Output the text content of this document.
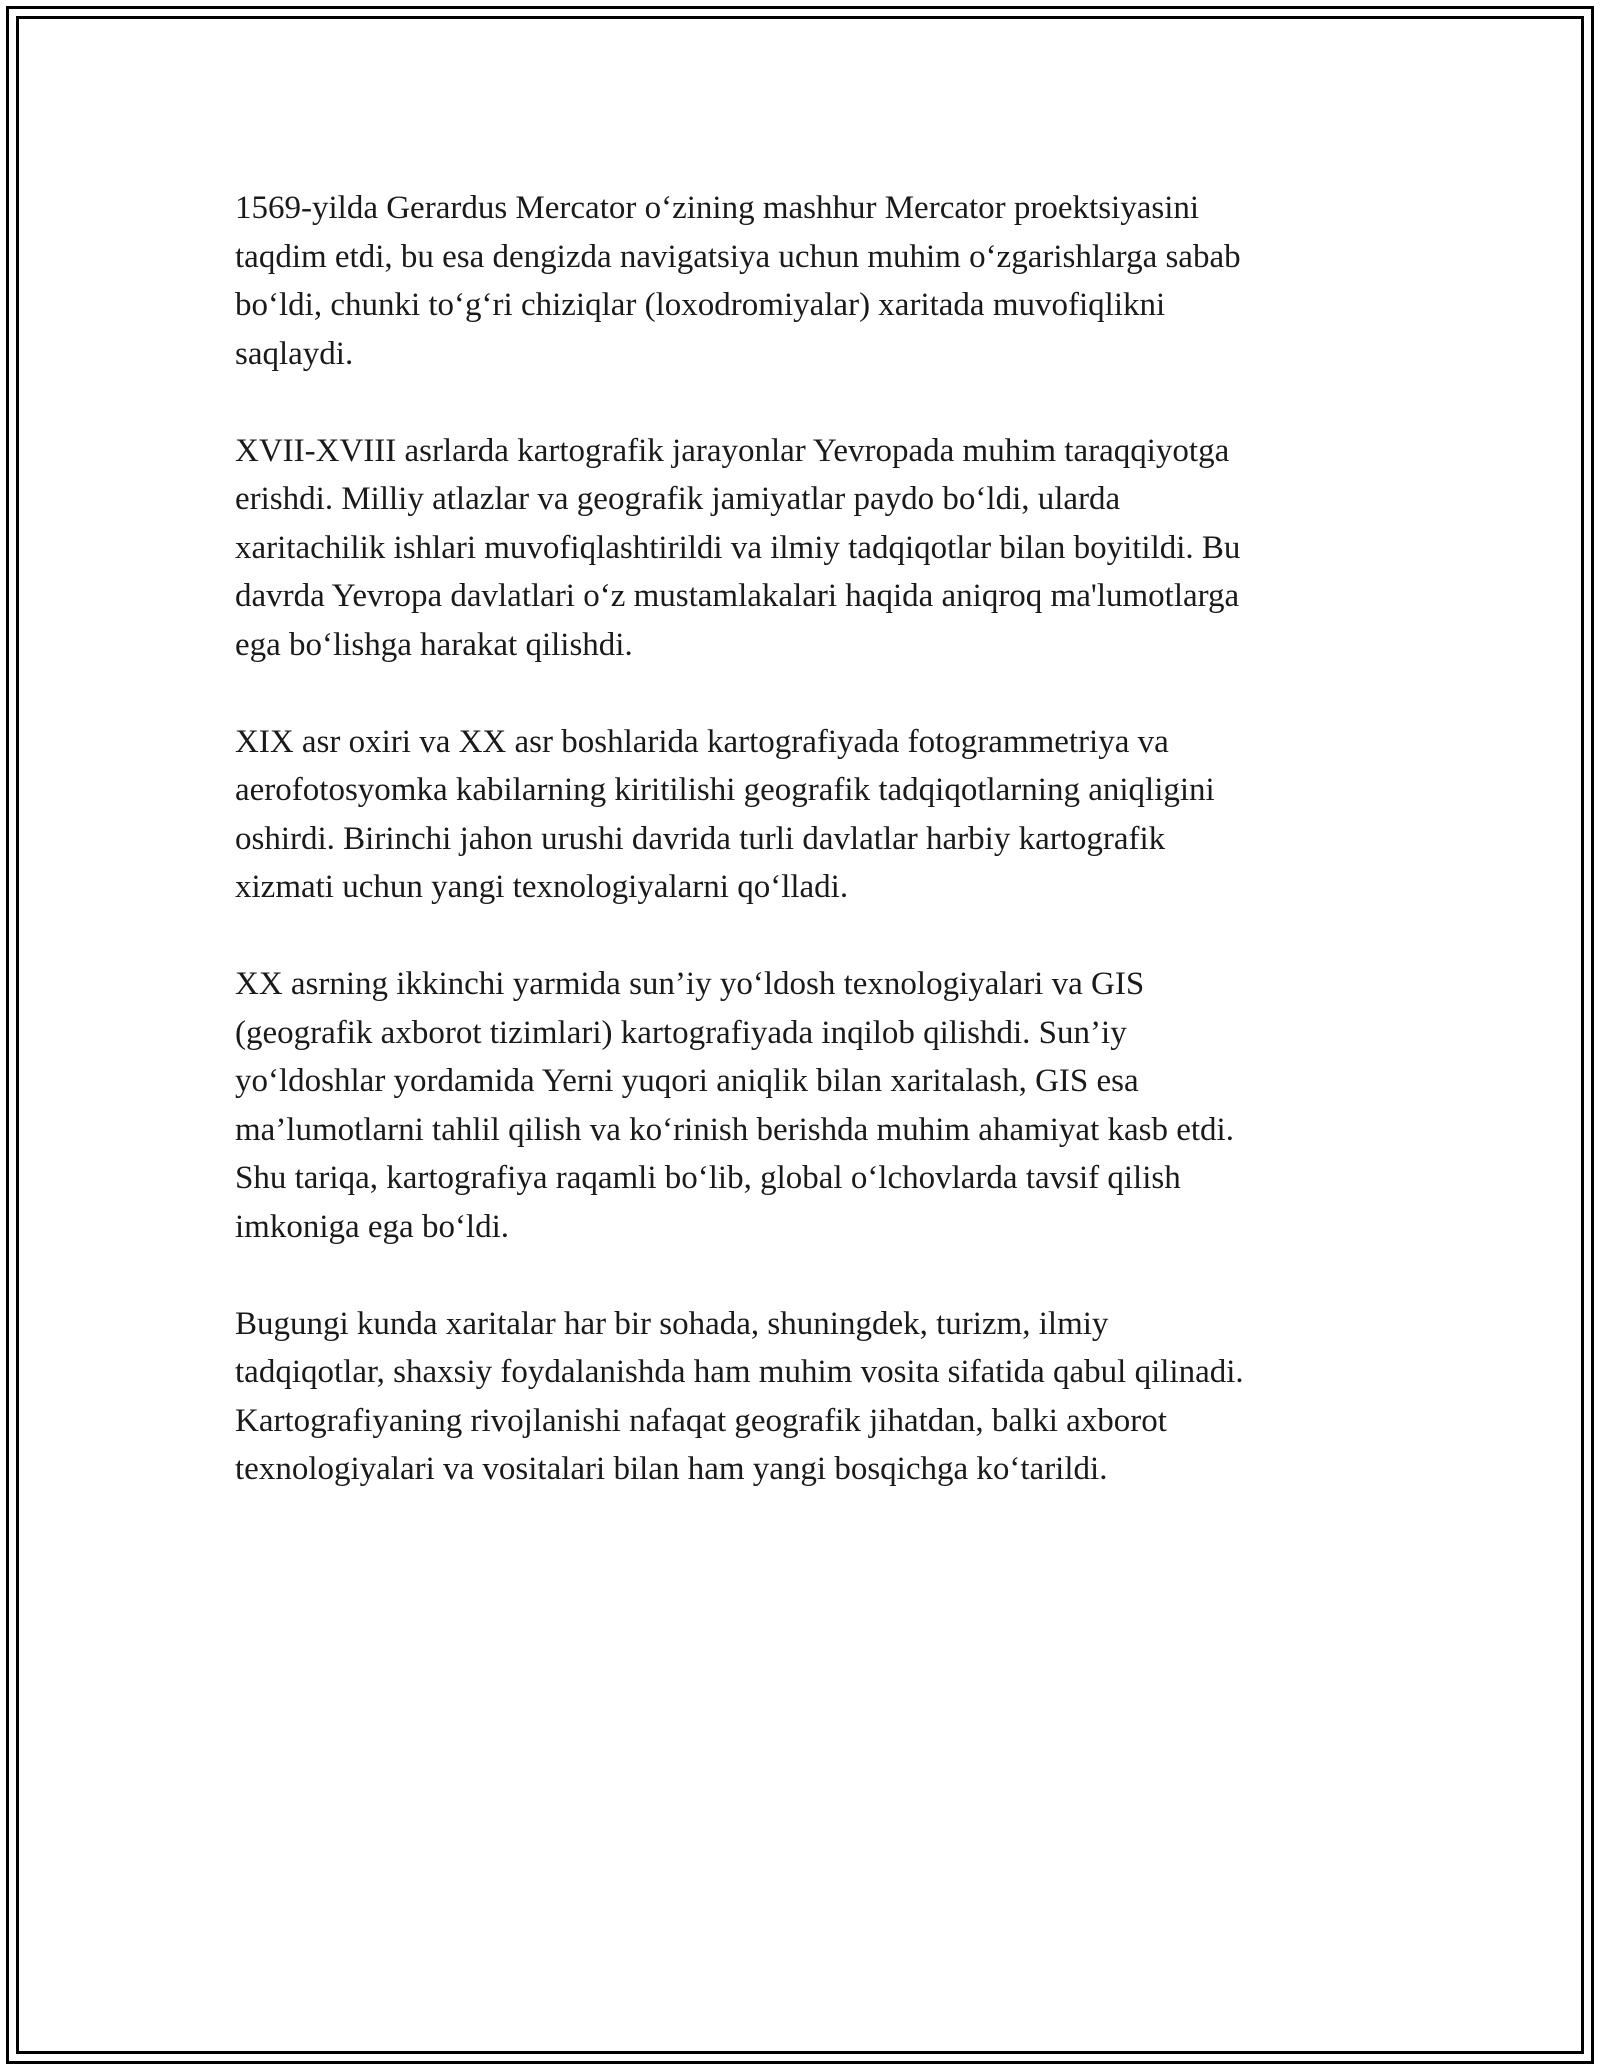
1569-yilda Gerardus Mercator o‘zining mashhur Mercator proektsiyasini
taqdim etdi, bu esa dengizda navigatsiya uchun muhim o‘zgarishlarga sabab
bo‘ldi, chunki to‘g‘ri chiziqlar (loxodromiyalar) xaritada muvofiqlikni
saqlaydi.

XVII-XVIII asrlarda kartografik jarayonlar Yevropada muhim taraqqiyotga
erishdi. Milliy atlazlar va geografik jamiyatlar paydo bo‘ldi, ularda
xaritachilik ishlari muvofiqlashtirildi va ilmiy tadqiqotlar bilan boyitildi. Bu
davrda Yevropa davlatlari o‘z mustamlakalari haqida aniqroq ma'lumotlarga
ega bo‘lishga harakat qilishdi.

XIX asr oxiri va XX asr boshlarida kartografiyada fotogrammetriya va
aerofotosyomka kabilarning kiritilishi geografik tadqiqotlarning aniqligini
oshirdi. Birinchi jahon urushi davrida turli davlatlar harbiy kartografik
xizmati uchun yangi texnologiyalarni qo‘lladi.

XX asrning ikkinchi yarmida sun’iy yo‘ldosh texnologiyalari va GIS
(geografik axborot tizimlari) kartografiyada inqilob qilishdi. Sun’iy
yo‘ldoshlar yordamida Yerni yuqori aniqlik bilan xaritalash, GIS esa
ma’lumotlarni tahlil qilish va ko‘rinish berishda muhim ahamiyat kasb etdi.
Shu tariqa, kartografiya raqamli bo‘lib, global o‘lchovlarda tavsif qilish
imkoniga ega bo‘ldi.

Bugungi kunda xaritalar har bir sohada, shuningdek, turizm, ilmiy
tadqiqotlar, shaxsiy foydalanishda ham muhim vosita sifatida qabul qilinadi.
Kartografiyaning rivojlanishi nafaqat geografik jihatdan, balki axborot
texnologiyalari va vositalari bilan ham yangi bosqichga ko‘tarildi.
